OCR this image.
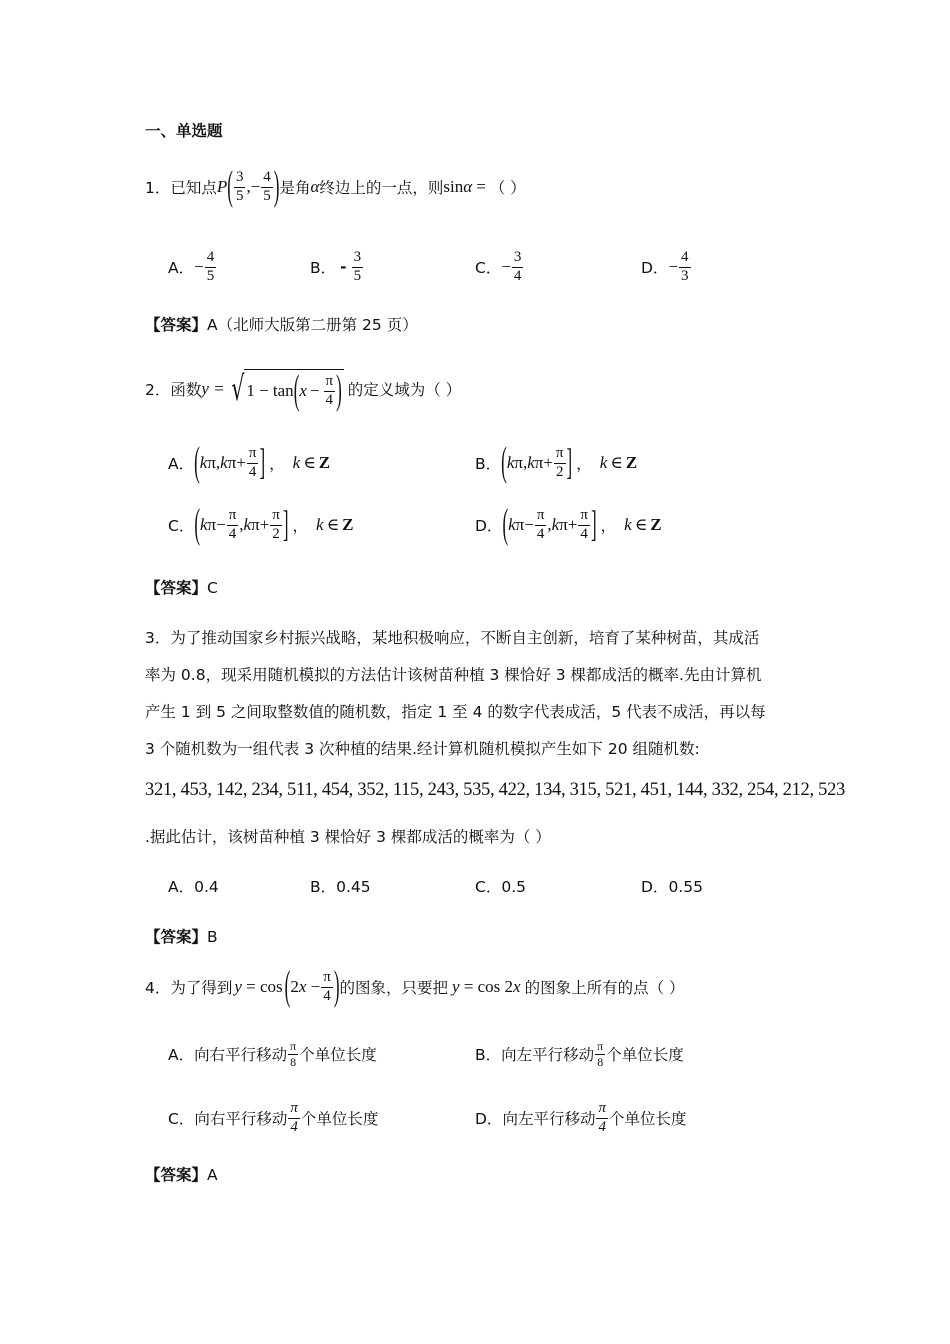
一、单选题
1．已知点 P ( $\frac{3}{5}$ , − $\frac{4}{5}$ ) 是角 α 终边上的一点，则 sin α = （ ）
A． − $\frac{4}{5}$	B． - $\frac{3}{5}$	C． − $\frac{3}{4}$	D． − $\frac{4}{3}$
【答案】A（北师大版第二册第 25 页）
2．函数 y = √ 1 − tan ( $x - \frac{\pi}{4}$ ) 的定义域为（ ）
A． ( k π, k $\pi+ \frac{\pi}{4}$ ] ， k ∈ Z	B． ( k π, k $\pi+ \frac{\pi}{2}$ ] ， k ∈ Z
C． ( k $\pi- \frac{\pi}{4}$ , k $\pi+ \frac{\pi}{2}$ ] ， k ∈ Z	D． ( k $\pi- \frac{\pi}{4}$ , k $\pi+ \frac{\pi}{4}$ ] ， k ∈ Z
【答案】C
3．为了推动国家乡村振兴战略，某地积极响应，不断自主创新，培育了某种树苗，其成活
率为 0.8，现采用随机模拟的方法估计该树苗种植 3 棵恰好 3 棵都成活的概率.先由计算机
产生 1 到 5 之间取整数值的随机数，指定 1 至 4 的数字代表成活，5 代表不成活，再以每
3 个随机数为一组代表 3 次种植的结果.经计算机随机模拟产生如下 20 组随机数:
321, 453, 142, 234, 511, 454, 352, 115, 243, 535, 422, 134, 315, 521, 451, 144, 332, 254, 212, 523
.据此估计，该树苗种植 3 棵恰好 3 棵都成活的概率为（ ）
A．0.4	B．0.45	C．0.5	D．0.55
【答案】B
4．为了得到 y = cos ( $2x - \frac{\pi}{4}$ ) 的图象，只要把 y = cos 2x 的图象上所有的点（ ）
A． 向右平行移动 $\frac{\pi}{8}$ 个单位长度	B． 向左平行移动 $\frac{\pi}{8}$ 个单位长度
C． 向右平行移动 $\frac{\pi}{4}$ 个单位长度	D． 向左平行移动 $\frac{\pi}{4}$ 个单位长度
【答案】A
